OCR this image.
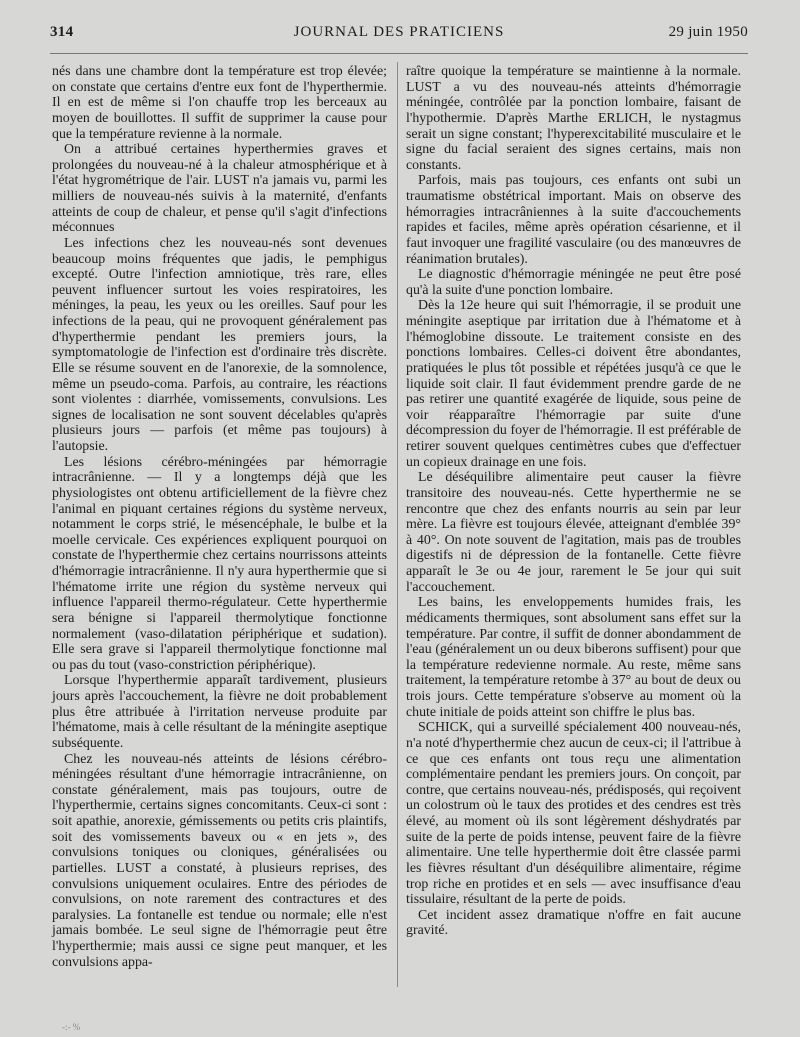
314	JOURNAL DES PRATICIENS	29 juin 1950

nés dans une chambre dont la température est trop élevée; on constate que certains d'entre eux font de l'hyperthermie. Il en est de même si l'on chauffe trop les berceaux au moyen de bouillottes. Il suffit de supprimer la cause pour que la température revienne à la normale.

On a attribué certaines hyperthermies graves et prolongées du nouveau-né à la chaleur atmosphérique et à l'état hygrométrique de l'air. LUST n'a jamais vu, parmi les milliers de nouveau-nés suivis à la maternité, d'enfants atteints de coup de chaleur, et pense qu'il s'agit d'infections méconnues

Les infections chez les nouveau-nés sont devenues beaucoup moins fréquentes que jadis, le pemphigus excepté. Outre l'infection amniotique, très rare, elles peuvent influencer surtout les voies respiratoires, les méninges, la peau, les yeux ou les oreilles. Sauf pour les infections de la peau, qui ne provoquent généralement pas d'hyperthermie pendant les premiers jours, la symptomatologie de l'infection est d'ordinaire très discrète. Elle se résume souvent en de l'anorexie, de la somnolence, même un pseudo-coma. Parfois, au contraire, les réactions sont violentes : diarrhée, vomissements, convulsions. Les signes de localisation ne sont souvent décelables qu'après plusieurs jours — parfois (et même pas toujours) à l'autopsie.

Les lésions cérébro-méningées par hémorragie intracrânienne. — Il y a longtemps déjà que les physiologistes ont obtenu artificiellement de la fièvre chez l'animal en piquant certaines régions du système nerveux, notamment le corps strié, le mésencéphale, le bulbe et la moelle cervicale. Ces expériences expliquent pourquoi on constate de l'hyperthermie chez certains nourrissons atteints d'hémorragie intracrânienne. Il n'y aura hyperthermie que si l'hématome irrite une région du système nerveux qui influence l'appareil thermo-régulateur. Cette hyperthermie sera bénigne si l'appareil thermolytique fonctionne normalement (vaso-dilatation périphérique et sudation). Elle sera grave si l'appareil thermolytique fonctionne mal ou pas du tout (vaso-constriction périphérique).

Lorsque l'hyperthermie apparaît tardivement, plusieurs jours après l'accouchement, la fièvre ne doit probablement plus être attribuée à l'irritation nerveuse produite par l'hématome, mais à celle résultant de la méningite aseptique subséquente.

Chez les nouveau-nés atteints de lésions cérébro-méningées résultant d'une hémorragie intracrânienne, on constate généralement, mais pas toujours, outre de l'hyperthermie, certains signes concomitants. Ceux-ci sont : soit apathie, anorexie, gémissements ou petits cris plaintifs, soit des vomissements baveux ou « en jets », des convulsions toniques ou cloniques, généralisées ou partielles. LUST a constaté, à plusieurs reprises, des convulsions uniquement oculaires. Entre des périodes de convulsions, on note rarement des contractures et des paralysies. La fontanelle est tendue ou normale; elle n'est jamais bombée. Le seul signe de l'hémorragie peut être l'hyperthermie; mais aussi ce signe peut manquer, et les convulsions appa-

raître quoique la température se maintienne à la normale. LUST a vu des nouveau-nés atteints d'hémorragie méningée, contrôlée par la ponction lombaire, faisant de l'hypothermie. D'après Marthe ERLICH, le nystagmus serait un signe constant; l'hyperexcitabilité musculaire et le signe du facial seraient des signes certains, mais non constants.

Parfois, mais pas toujours, ces enfants ont subi un traumatisme obstétrical important. Mais on observe des hémorragies intracrâniennes à la suite d'accouchements rapides et faciles, même après opération césarienne, et il faut invoquer une fragilité vasculaire (ou des manœuvres de réanimation brutales).

Le diagnostic d'hémorragie méningée ne peut être posé qu'à la suite d'une ponction lombaire.

Dès la 12e heure qui suit l'hémorragie, il se produit une méningite aseptique par irritation due à l'hématome et à l'hémoglobine dissoute. Le traitement consiste en des ponctions lombaires. Celles-ci doivent être abondantes, pratiquées le plus tôt possible et répétées jusqu'à ce que le liquide soit clair. Il faut évidemment prendre garde de ne pas retirer une quantité exagérée de liquide, sous peine de voir réapparaître l'hémorragie par suite d'une décompression du foyer de l'hémorragie. Il est préférable de retirer souvent quelques centimètres cubes que d'effectuer un copieux drainage en une fois.

Le déséquilibre alimentaire peut causer la fièvre transitoire des nouveau-nés. Cette hyperthermie ne se rencontre que chez des enfants nourris au sein par leur mère. La fièvre est toujours élevée, atteignant d'emblée 39° à 40°. On note souvent de l'agitation, mais pas de troubles digestifs ni de dépression de la fontanelle. Cette fièvre apparaît le 3e ou 4e jour, rarement le 5e jour qui suit l'accouchement.

Les bains, les enveloppements humides frais, les médicaments thermiques, sont absolument sans effet sur la température. Par contre, il suffit de donner abondamment de l'eau (généralement un ou deux biberons suffisent) pour que la température redevienne normale. Au reste, même sans traitement, la température retombe à 37° au bout de deux ou trois jours. Cette température s'observe au moment où la chute initiale de poids atteint son chiffre le plus bas.

SCHICK, qui a surveillé spécialement 400 nouveau-nés, n'a noté d'hyperthermie chez aucun de ceux-ci; il l'attribue à ce que ces enfants ont tous reçu une alimentation complémentaire pendant les premiers jours. On conçoit, par contre, que certains nouveau-nés, prédisposés, qui reçoivent un colostrum où le taux des protides et des cendres est très élevé, au moment où ils sont légèrement déshydratés par suite de la perte de poids intense, peuvent faire de la fièvre alimentaire. Une telle hyperthermie doit être classée parmi les fièvres résultant d'un déséquilibre alimentaire, régime trop riche en protides et en sels — avec insuffisance d'eau tissulaire, résultant de la perte de poids.

Cet incident assez dramatique n'offre en fait aucune gravité.

-:- %
